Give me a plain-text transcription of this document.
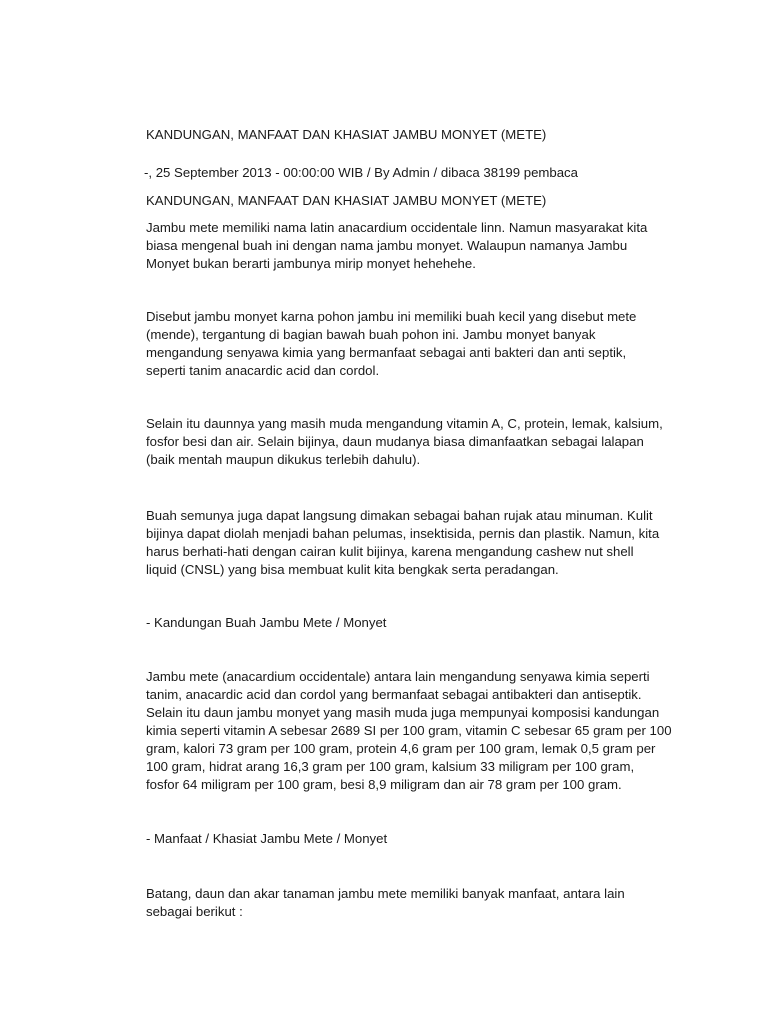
KANDUNGAN, MANFAAT DAN KHASIAT JAMBU MONYET (METE)

-, 25 September 2013 - 00:00:00 WIB / By Admin / dibaca 38199 pembaca

KANDUNGAN, MANFAAT DAN KHASIAT JAMBU MONYET (METE)

Jambu mete memiliki nama latin anacardium occidentale linn. Namun masyarakat kita

biasa mengenal buah ini dengan nama jambu monyet. Walaupun namanya Jambu

Monyet bukan berarti jambunya mirip monyet hehehehe.

Disebut jambu monyet karna pohon jambu ini memiliki buah kecil yang disebut mete

(mende), tergantung di bagian bawah buah pohon ini. Jambu monyet banyak

mengandung senyawa kimia yang bermanfaat sebagai anti bakteri dan anti septik,

seperti tanim anacardic acid dan cordol.

Selain itu daunnya yang masih muda mengandung vitamin A, C, protein, lemak, kalsium,

fosfor besi dan air. Selain bijinya, daun mudanya biasa dimanfaatkan sebagai lalapan

(baik mentah maupun dikukus terlebih dahulu).

Buah semunya juga dapat langsung dimakan sebagai bahan rujak atau minuman. Kulit

bijinya dapat diolah menjadi bahan pelumas, insektisida, pernis dan plastik. Namun, kita

harus berhati-hati dengan cairan kulit bijinya, karena mengandung cashew nut shell

liquid (CNSL) yang bisa membuat kulit kita bengkak serta peradangan.

- Kandungan Buah Jambu Mete / Monyet

Jambu mete (anacardium occidentale) antara lain mengandung senyawa kimia seperti

tanim, anacardic acid dan cordol yang bermanfaat sebagai antibakteri dan antiseptik.

Selain itu daun jambu monyet yang masih muda juga mempunyai komposisi kandungan

kimia seperti vitamin A sebesar 2689 SI per 100 gram, vitamin C sebesar 65 gram per 100

gram, kalori 73 gram per 100 gram, protein 4,6 gram per 100 gram, lemak 0,5 gram per

100 gram, hidrat arang 16,3 gram per 100 gram, kalsium 33 miligram per 100 gram,

fosfor 64 miligram per 100 gram, besi 8,9 miligram dan air 78 gram per 100 gram.

- Manfaat / Khasiat Jambu Mete / Monyet

Batang, daun dan akar tanaman jambu mete memiliki banyak manfaat, antara lain

sebagai berikut :
